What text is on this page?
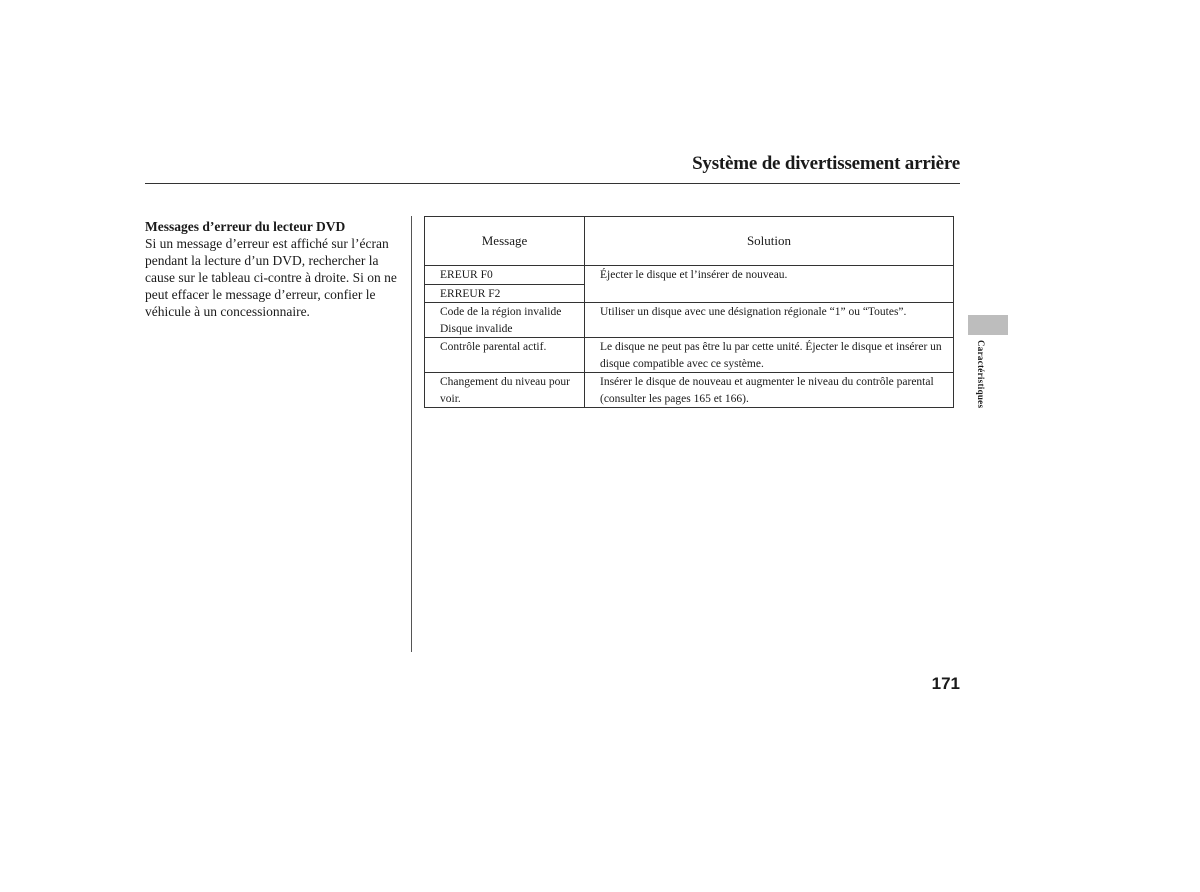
Système de divertissement arrière
Messages d’erreur du lecteur DVD

Si un message d’erreur est affiché sur l’écran pendant la lecture d’un DVD, rechercher la cause sur le tableau ci-contre à droite. Si on ne peut effacer le message d’erreur, confier le véhicule à un concessionnaire.

Message	Solution
EREUR F0	Éjecter le disque et l’insérer de nouveau.
ERREUR F2	
Code de la région invalide Disque invalide	Utiliser un disque avec une désignation régionale “1” ou “Toutes”.
Contrôle parental actif.	Le disque ne peut pas être lu par cette unité. Éjecter le disque et insérer un disque compatible avec ce système.
Changement du niveau pour voir.	Insérer le disque de nouveau et augmenter le niveau du contrôle parental (consulter les pages 165 et 166).	Caractéristiques
171
